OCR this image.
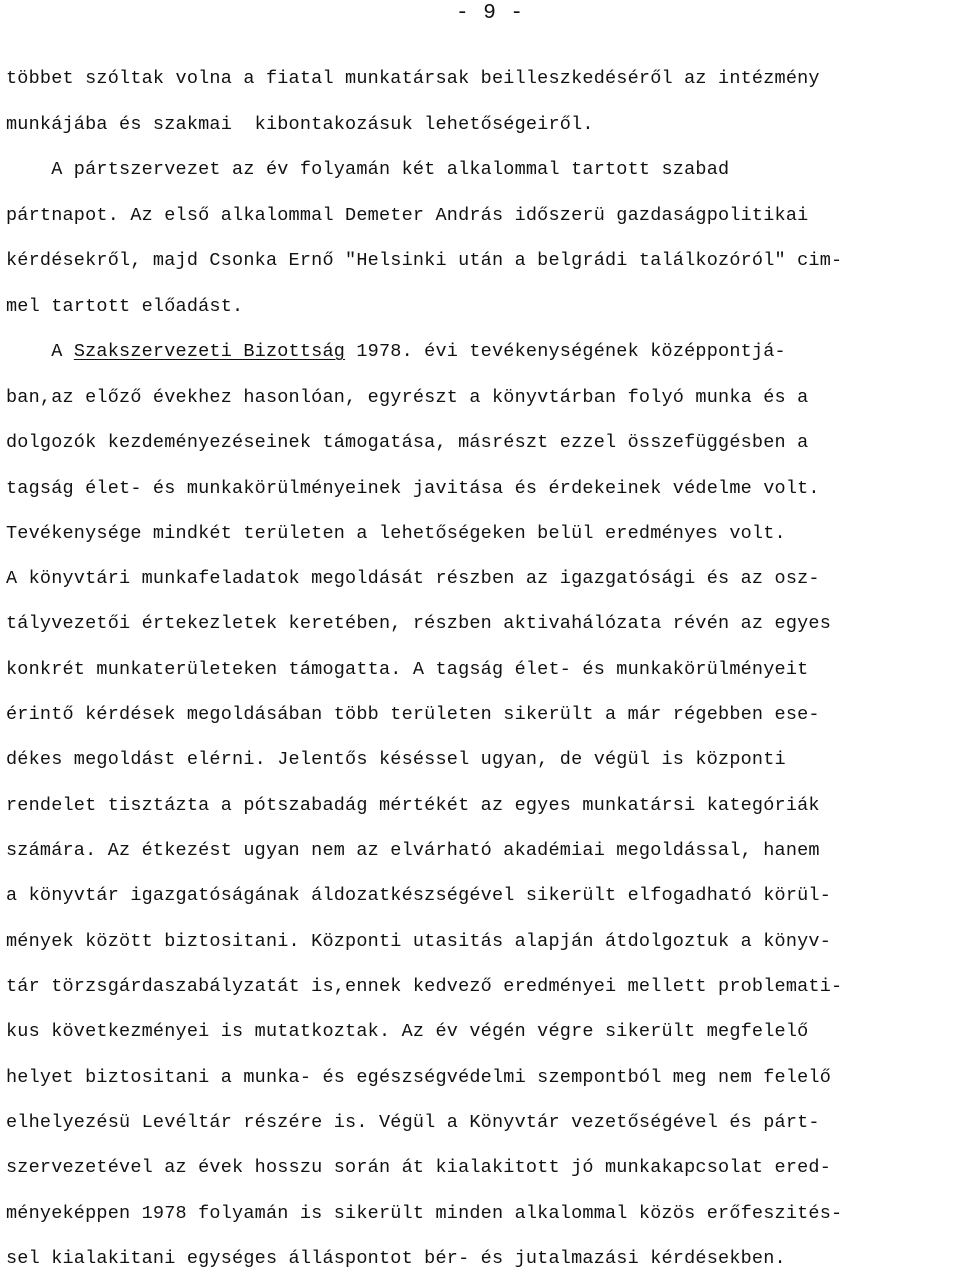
- 9 -
többet szóltak volna a fiatal munkatársak beilleszkedéséről az intézmény
munkájába és szakmai  kibontakozásuk lehetőségeiről.
A pártszervezet az év folyamán két alkalommal tartott szabad
pártnapot. Az első alkalommal Demeter András időszerü gazdaságpolitikai
kérdésekről, majd Csonka Ernő "Helsinki után a belgrádi találkozóról" cim-
mel tartott előadást.
A Szakszervezeti Bizottság 1978. évi tevékenységének középpontjá-
ban,az előző évekhez hasonlóan, egyrészt a könyvtárban folyó munka és a
dolgozók kezdeményezéseinek támogatása, másrészt ezzel összefüggésben a
tagság élet- és munkakörülményeinek javitása és érdekeinek védelme volt.
Tevékenysége mindkét területen a lehetőségeken belül eredményes volt.
A könyvtári munkafeladatok megoldását részben az igazgatósági és az osz-
tályvezetői értekezletek keretében, részben aktivahálózata révén az egyes
konkrét munkaterületeken támogatta. A tagság élet- és munkakörülményeit
érintő kérdések megoldásában több területen sikerült a már régebben ese-
dékes megoldást elérni. Jelentős késéssel ugyan, de végül is központi
rendelet tisztázta a pótszabadág mértékét az egyes munkatársi kategóriák
számára. Az étkezést ugyan nem az elvárható akadémiai megoldással, hanem
a könyvtár igazgatóságának áldozatkészségével sikerült elfogadható körül-
mények között biztositani. Központi utasitás alapján átdolgoztuk a könyv-
tár törzsgárdaszabályzatát is,ennek kedvező eredményei mellett problemati-
kus következményei is mutatkoztak. Az év végén végre sikerült megfelelő
helyet biztositani a munka- és egészségvédelmi szempontból meg nem felelő
elhelyezésü Levéltár részére is. Végül a Könyvtár vezetőségével és párt-
szervezetével az évek hosszu során át kialakitott jó munkakapcsolat ered-
ményeképpen 1978 folyamán is sikerült minden alkalommal közös erőfeszités-
sel kialakitani egységes álláspontot bér- és jutalmazási kérdésekben.
